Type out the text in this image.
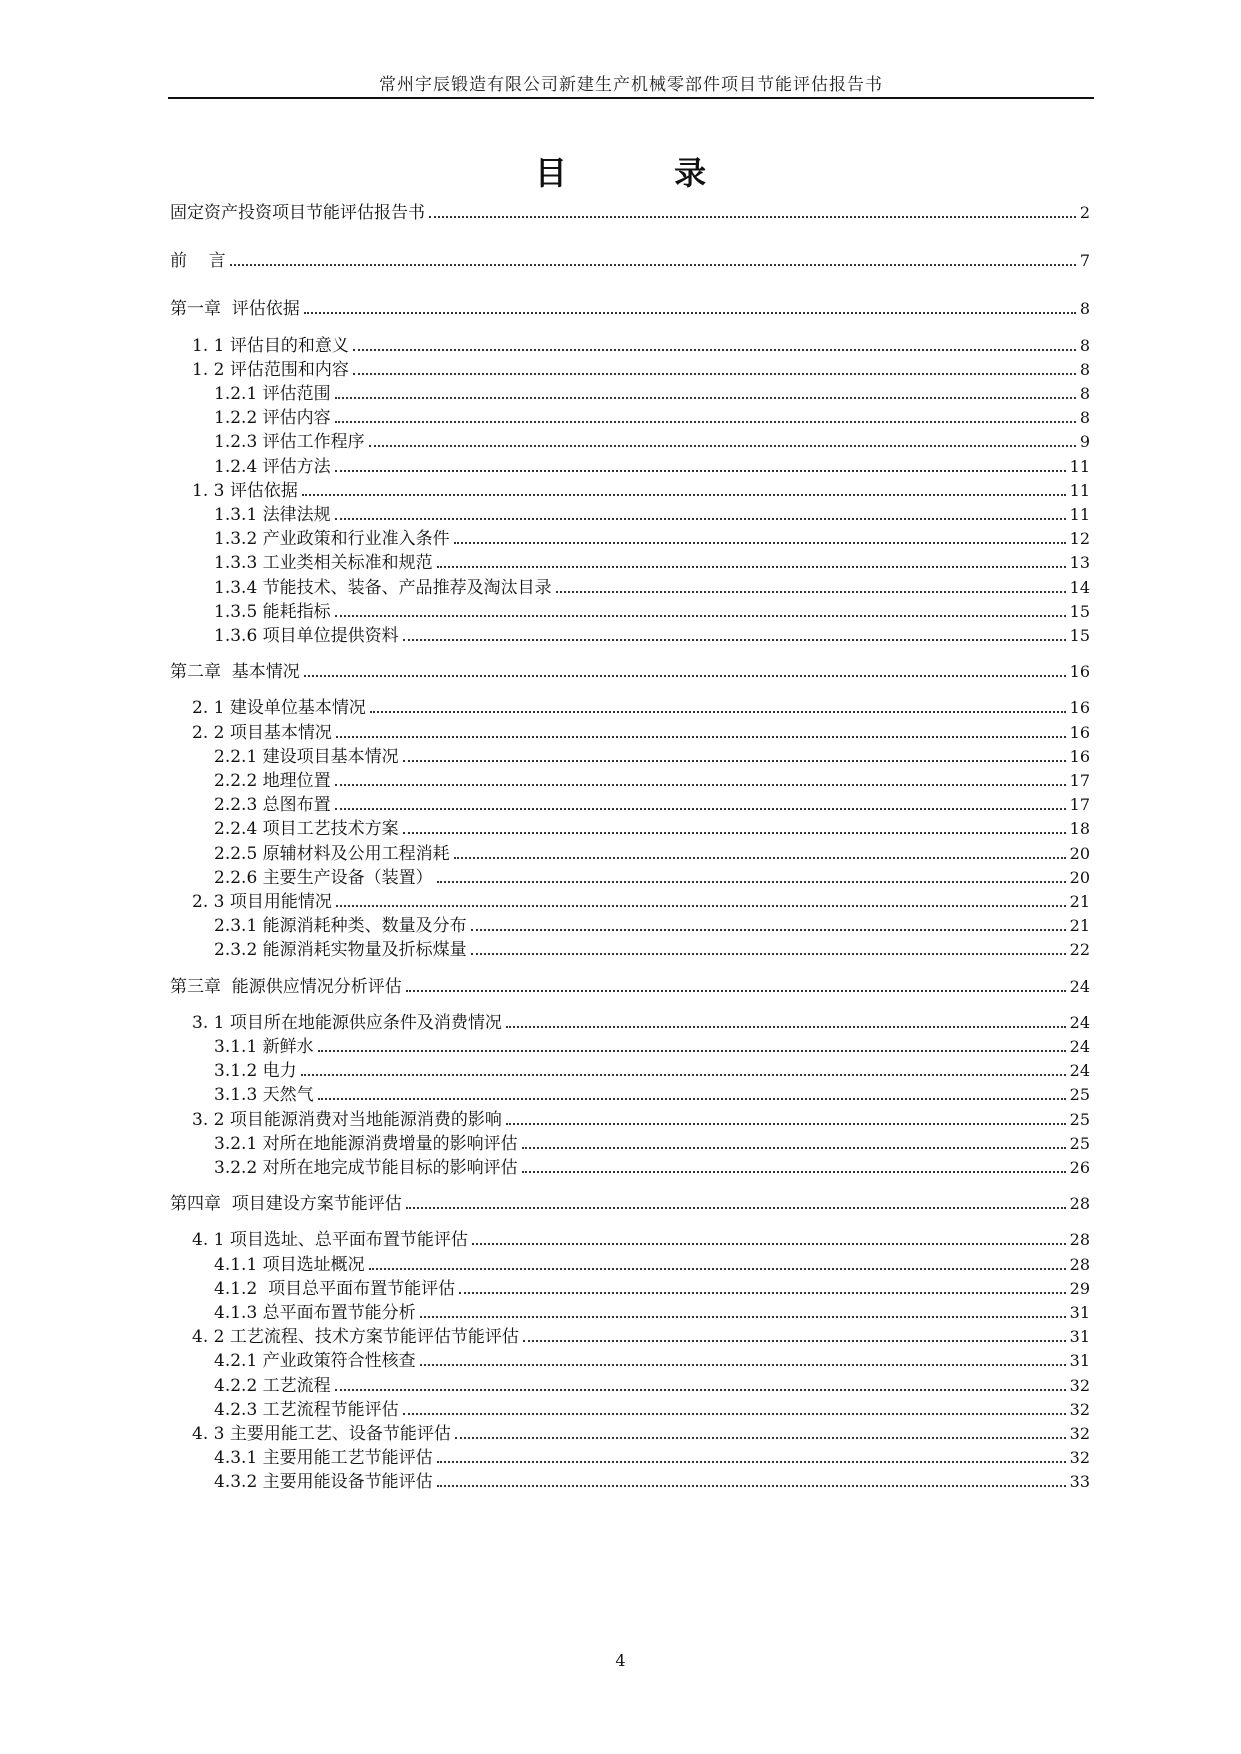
常州宇辰锻造有限公司新建生产机械零部件项目节能评估报告书
目 录
固定资产投资项目节能评估报告书	2
前    言	7
第一章  评估依据	8
1. 1 评估目的和意义	8
1. 2 评估范围和内容	8
1.2.1 评估范围	8
1.2.2 评估内容	8
1.2.3 评估工作程序	9
1.2.4 评估方法	11
1. 3 评估依据	11
1.3.1 法律法规	11
1.3.2 产业政策和行业准入条件	12
1.3.3 工业类相关标准和规范	13
1.3.4 节能技术、装备、产品推荐及淘汰目录	14
1.3.5 能耗指标	15
1.3.6 项目单位提供资料	15
第二章  基本情况	16
2. 1 建设单位基本情况	16
2. 2 项目基本情况	16
2.2.1 建设项目基本情况	16
2.2.2 地理位置	17
2.2.3 总图布置	17
2.2.4 项目工艺技术方案	18
2.2.5 原辅材料及公用工程消耗	20
2.2.6 主要生产设备（装置）	20
2. 3 项目用能情况	21
2.3.1 能源消耗种类、数量及分布	21
2.3.2 能源消耗实物量及折标煤量	22
第三章  能源供应情况分析评估	24
3. 1 项目所在地能源供应条件及消费情况	24
3.1.1 新鲜水	24
3.1.2 电力	24
3.1.3 天然气	25
3. 2 项目能源消费对当地能源消费的影响	25
3.2.1 对所在地能源消费增量的影响评估	25
3.2.2 对所在地完成节能目标的影响评估	26
第四章  项目建设方案节能评估	28
4. 1 项目选址、总平面布置节能评估	28
4.1.1 项目选址概况	28
4.1.2  项目总平面布置节能评估	29
4.1.3 总平面布置节能分析	31
4. 2 工艺流程、技术方案节能评估节能评估	31
4.2.1 产业政策符合性核查	31
4.2.2 工艺流程	32
4.2.3 工艺流程节能评估	32
4. 3 主要用能工艺、设备节能评估	32
4.3.1 主要用能工艺节能评估	32
4.3.2 主要用能设备节能评估	33
4
